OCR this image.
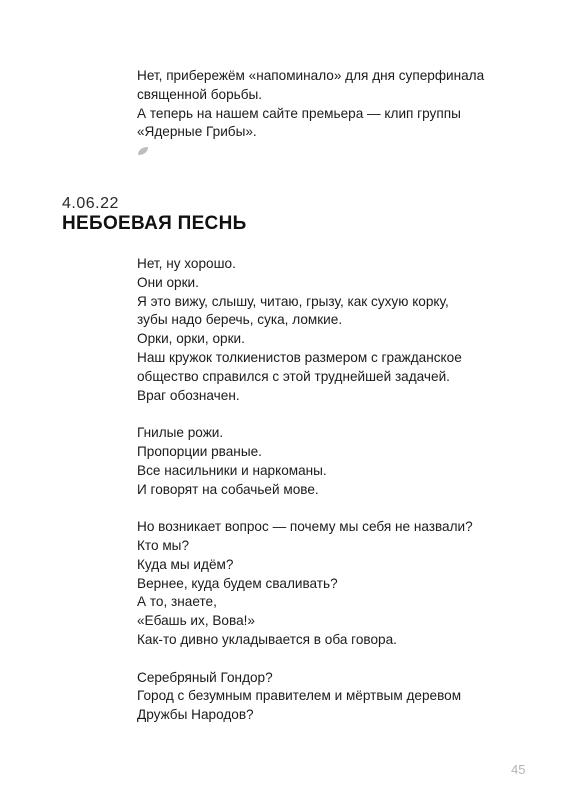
Нет, прибережём «напоминало» для дня суперфинала
священной борьбы.
А теперь на нашем сайте премьера — клип группы
«Ядерные Грибы».
4.06.22
НЕБОЕВАЯ ПЕСНЬ
Нет, ну хорошо.
Они орки.
Я это вижу, слышу, читаю, грызу, как сухую корку,
зубы надо беречь, сука, ломкие.
Орки, орки, орки.
Наш кружок толкиенистов размером с гражданское
общество справился с этой труднейшей задачей.
Враг обозначен.
Гнилые рожи.
Пропорции рваные.
Все насильники и наркоманы.
И говорят на собачьей мове.
Но возникает вопрос — почему мы себя не назвали?
Кто мы?
Куда мы идём?
Вернее, куда будем сваливать?
А то, знаете,
«Ебашь их, Вова!»
Как-то дивно укладывается в оба говора.
Серебряный Гондор?
Город с безумным правителем и мёртвым деревом
Дружбы Народов?
45
